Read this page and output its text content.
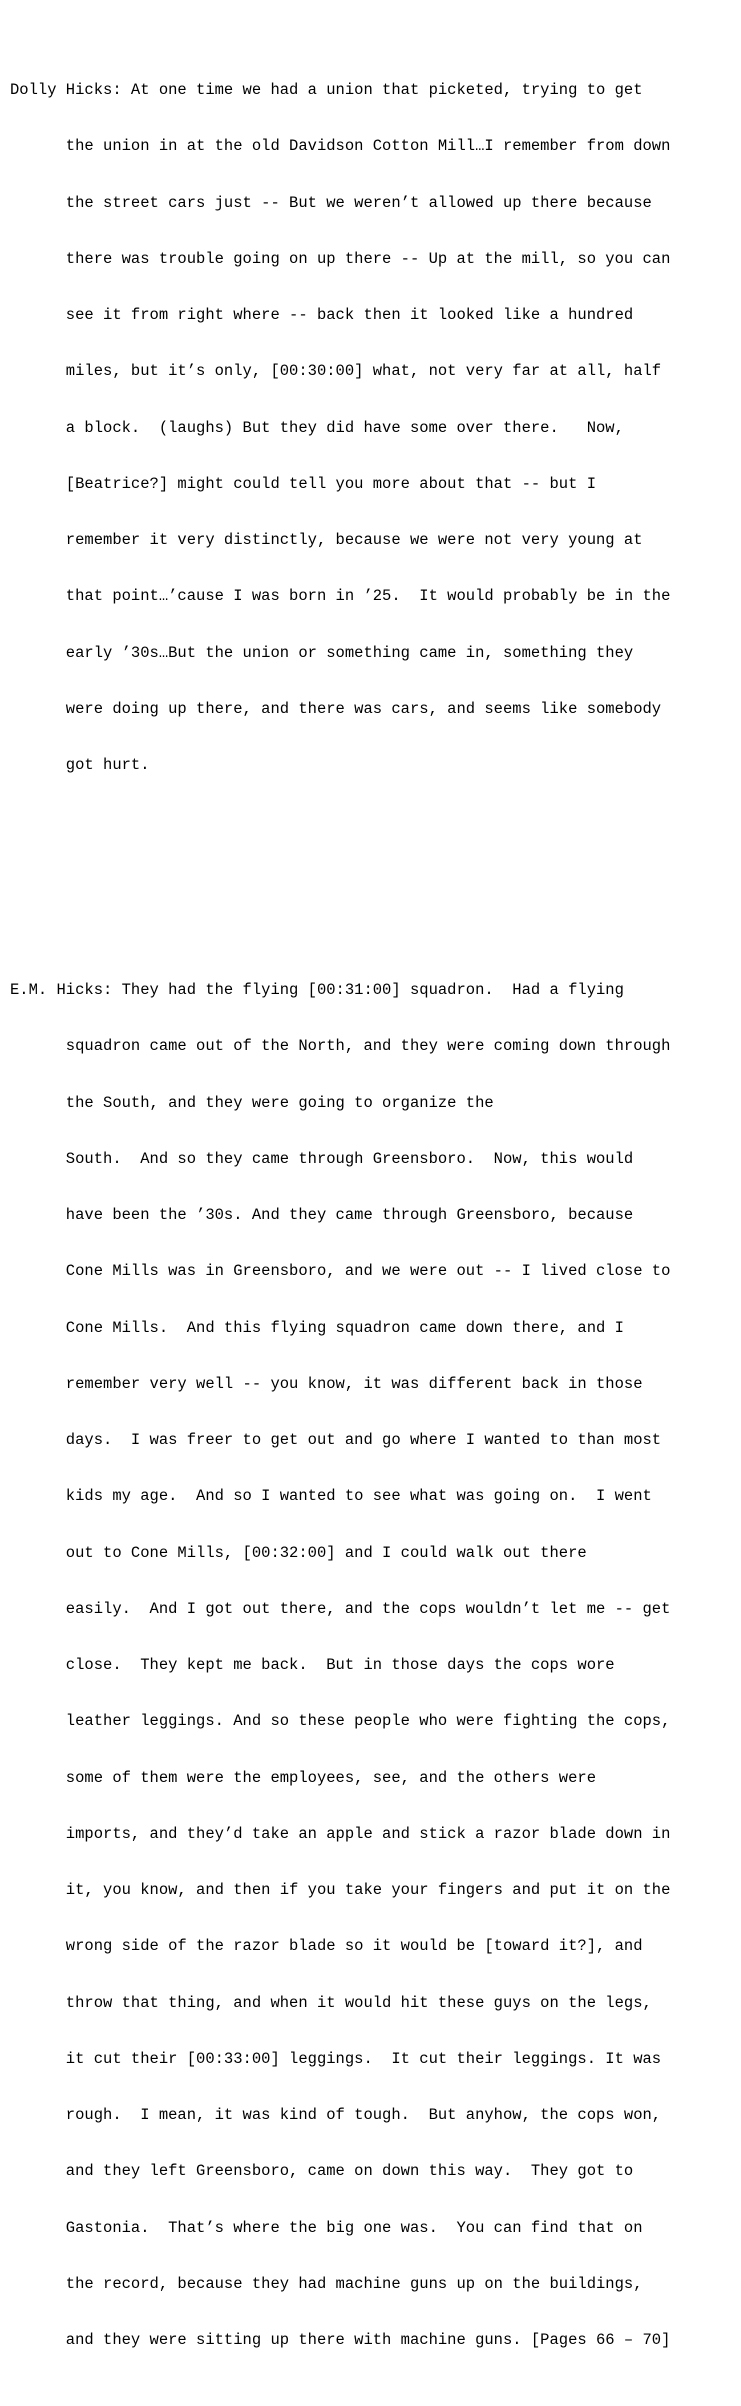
Dolly Hicks: At one time we had a union that picketed, trying to get

the union in at the old Davidson Cotton Mill…I remember from down

the street cars just -- But we weren’t allowed up there because

there was trouble going on up there -- Up at the mill, so you can

see it from right where -- back then it looked like a hundred

miles, but it’s only, [00:30:00] what, not very far at all, half

a block.  (laughs) But they did have some over there.   Now,

[Beatrice?] might could tell you more about that -- but I

remember it very distinctly, because we were not very young at

that point…’cause I was born in ’25.  It would probably be in the

early ’30s…But the union or something came in, something they

were doing up there, and there was cars, and seems like somebody

got hurt.

E.M. Hicks: They had the flying [00:31:00] squadron.  Had a flying

squadron came out of the North, and they were coming down through

the South, and they were going to organize the

South.  And so they came through Greensboro.  Now, this would

have been the ’30s. And they came through Greensboro, because

Cone Mills was in Greensboro, and we were out -- I lived close to

Cone Mills.  And this flying squadron came down there, and I

remember very well -- you know, it was different back in those

days.  I was freer to get out and go where I wanted to than most

kids my age.  And so I wanted to see what was going on.  I went

out to Cone Mills, [00:32:00] and I could walk out there

easily.  And I got out there, and the cops wouldn’t let me -- get

close.  They kept me back.  But in those days the cops wore

leather leggings. And so these people who were fighting the cops,

some of them were the employees, see, and the others were

imports, and they’d take an apple and stick a razor blade down in

it, you know, and then if you take your fingers and put it on the

wrong side of the razor blade so it would be [toward it?], and

throw that thing, and when it would hit these guys on the legs,

it cut their [00:33:00] leggings.  It cut their leggings. It was

rough.  I mean, it was kind of tough.  But anyhow, the cops won,

and they left Greensboro, came on down this way.  They got to

Gastonia.  That’s where the big one was.  You can find that on

the record, because they had machine guns up on the buildings,

and they were sitting up there with machine guns. [Pages 66 – 70]
